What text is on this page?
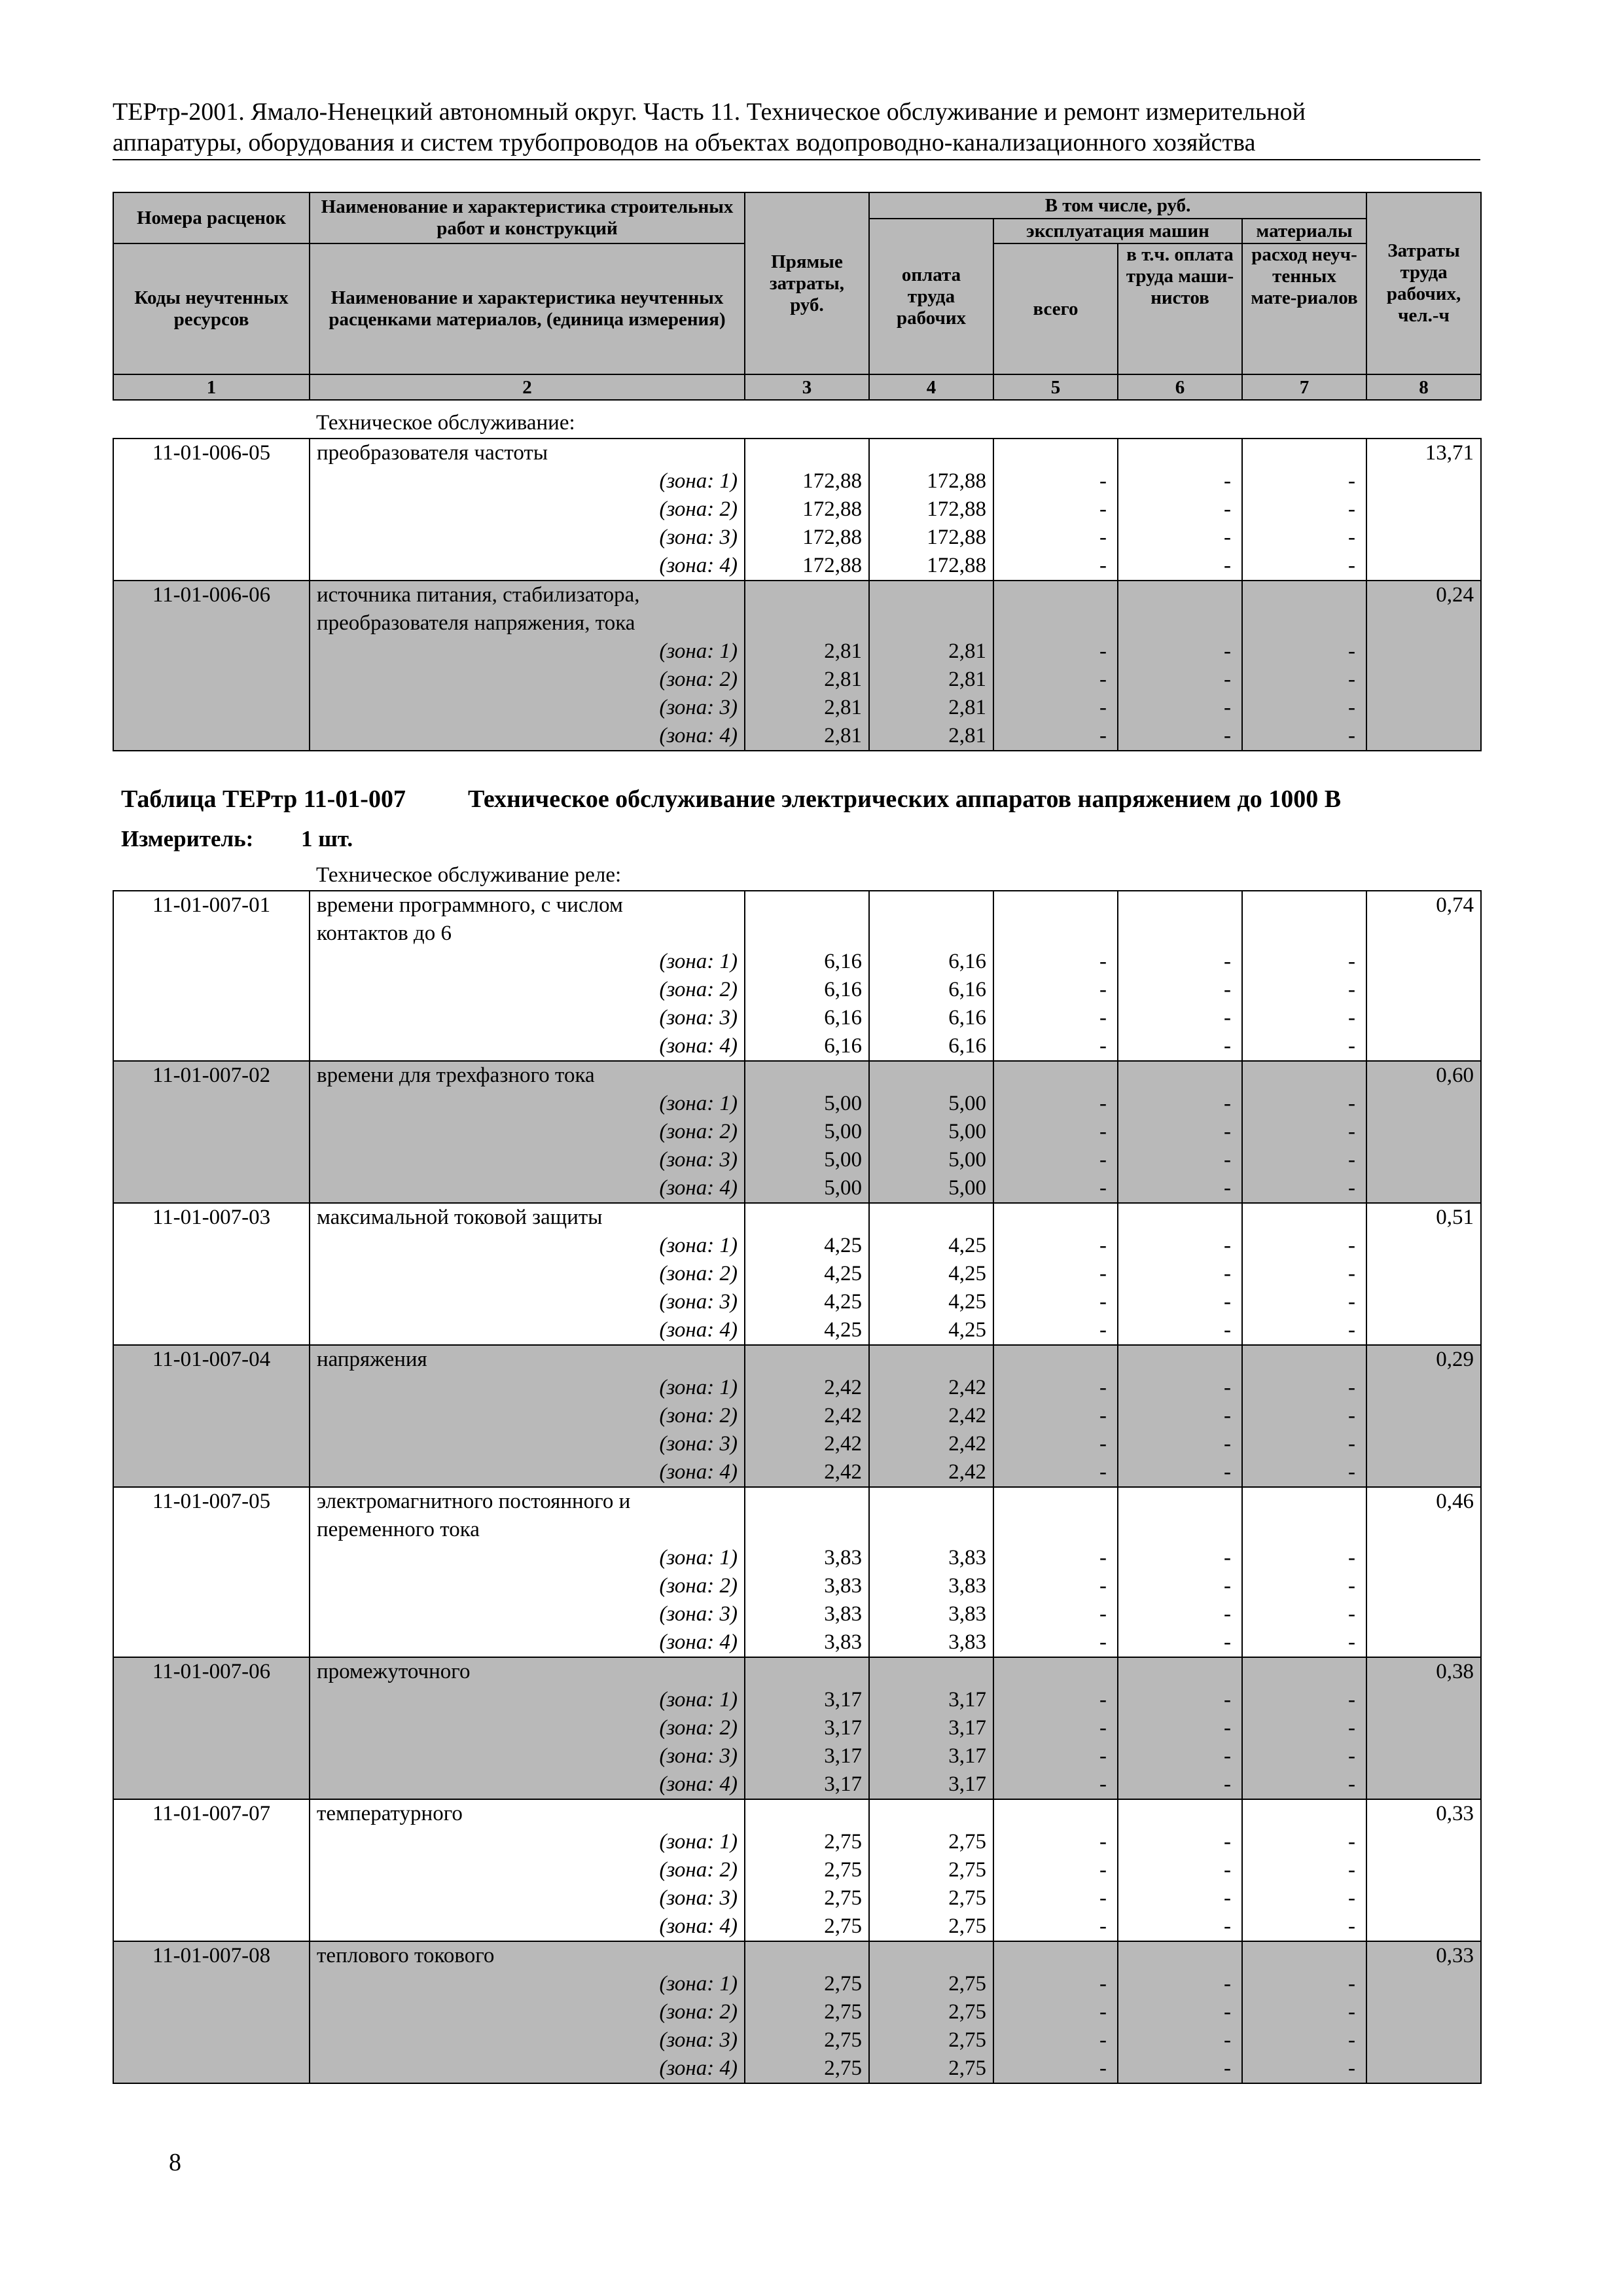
ТЕРтр-2001. Ямало-Ненецкий автономный округ. Часть 11. Техническое обслуживание и ремонт измерительной
аппаратуры, оборудования и систем трубопроводов на объектах водопроводно-канализационного хозяйства
Номера расценок	Наименование и характеристика строительных работ и конструкций	Прямые затраты, руб.	В том числе, руб.				Затраты труда рабочих, чел.-ч
			оплата труда рабочих	эксплуатация машин		материалы	
Коды неучтенных ресурсов	Наименование и характеристика неучтенных расценками материалов, (единица измерения)			всего	в т.ч. оплата труда маши-нистов	расход неуч-тенных мате-риалов	

1	2	3	4	5	6	7	8
	Техническое обслуживание:						
11-01-006-05	преобразователя частоты						13,71
	(зона: 1)	172,88	172,88	-	-	-	
	(зона: 2)	172,88	172,88	-	-	-	
	(зона: 3)	172,88	172,88	-	-	-	
	(зона: 4)	172,88	172,88	-	-	-	
11-01-006-06	источника питания, стабилизатора,						0,24
	преобразователя напряжения, тока						
	(зона: 1)	2,81	2,81	-	-	-	
	(зона: 2)	2,81	2,81	-	-	-	
	(зона: 3)	2,81	2,81	-	-	-	
	(зона: 4)	2,81	2,81	-	-	-	
Таблица ТЕРтр 11-01-007	Техническое обслуживание электрических аппаратов напряжением до 1000 В
Измеритель: 1 шт.
	Техническое обслуживание реле:						
11-01-007-01	времени программного, с числом						0,74
	контактов до 6						
	(зона: 1)	6,16	6,16	-	-	-	
	(зона: 2)	6,16	6,16	-	-	-	
	(зона: 3)	6,16	6,16	-	-	-	
	(зона: 4)	6,16	6,16	-	-	-	
11-01-007-02	времени для трехфазного тока						0,60
	(зона: 1)	5,00	5,00	-	-	-	
	(зона: 2)	5,00	5,00	-	-	-	
	(зона: 3)	5,00	5,00	-	-	-	
	(зона: 4)	5,00	5,00	-	-	-	
11-01-007-03	максимальной токовой защиты						0,51
	(зона: 1)	4,25	4,25	-	-	-	
	(зона: 2)	4,25	4,25	-	-	-	
	(зона: 3)	4,25	4,25	-	-	-	
	(зона: 4)	4,25	4,25	-	-	-	
11-01-007-04	напряжения						0,29
	(зона: 1)	2,42	2,42	-	-	-	
	(зона: 2)	2,42	2,42	-	-	-	
	(зона: 3)	2,42	2,42	-	-	-	
	(зона: 4)	2,42	2,42	-	-	-	
11-01-007-05	электромагнитного постоянного и						0,46
	переменного тока						
	(зона: 1)	3,83	3,83	-	-	-	
	(зона: 2)	3,83	3,83	-	-	-	
	(зона: 3)	3,83	3,83	-	-	-	
	(зона: 4)	3,83	3,83	-	-	-	
11-01-007-06	промежуточного						0,38
	(зона: 1)	3,17	3,17	-	-	-	
	(зона: 2)	3,17	3,17	-	-	-	
	(зона: 3)	3,17	3,17	-	-	-	
	(зона: 4)	3,17	3,17	-	-	-	
11-01-007-07	температурного						0,33
	(зона: 1)	2,75	2,75	-	-	-	
	(зона: 2)	2,75	2,75	-	-	-	
	(зона: 3)	2,75	2,75	-	-	-	
	(зона: 4)	2,75	2,75	-	-	-	
11-01-007-08	теплового токового						0,33
	(зона: 1)	2,75	2,75	-	-	-	
	(зона: 2)	2,75	2,75	-	-	-	
	(зона: 3)	2,75	2,75	-	-	-	
	(зона: 4)	2,75	2,75	-	-	-	
8
